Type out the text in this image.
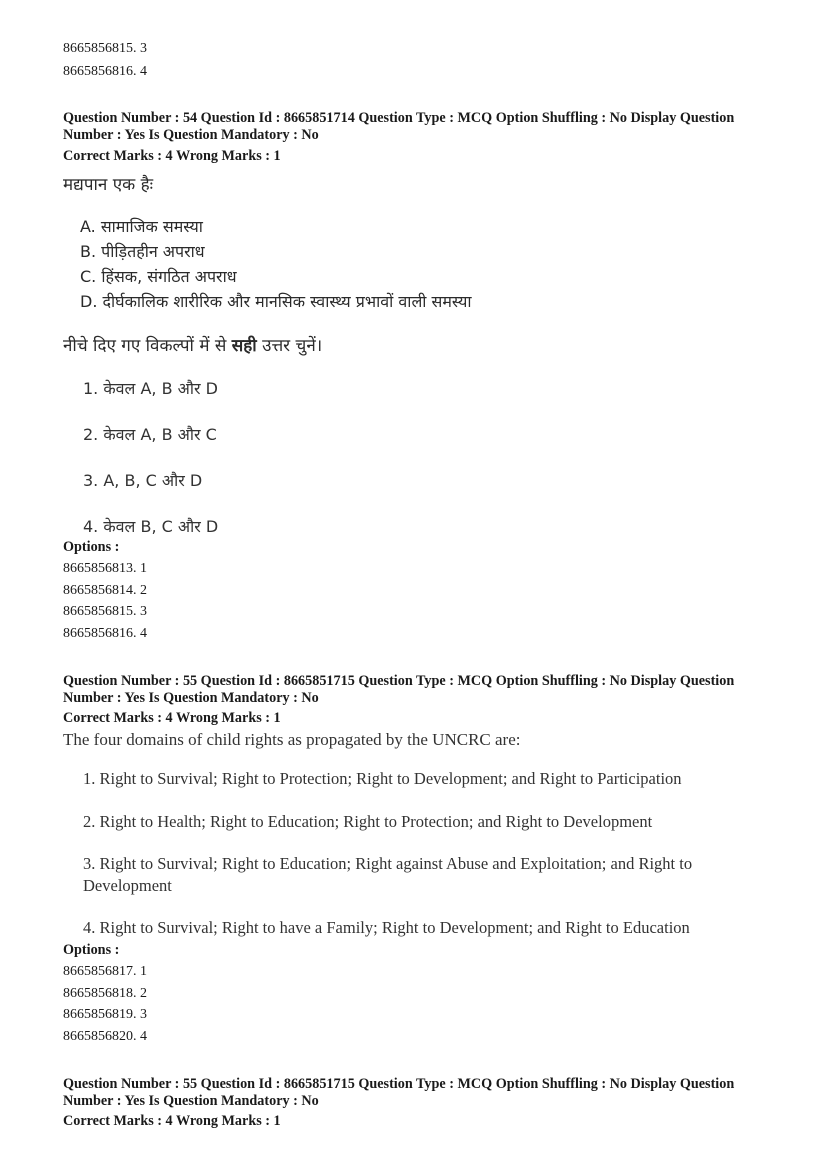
8665856815. 3
8665856816. 4
Question Number : 54 Question Id : 8665851714 Question Type : MCQ Option Shuffling : No Display Question
Number : Yes Is Question Mandatory : No
Correct Marks : 4 Wrong Marks : 1
मद्यपान एक हैः
A. सामाजिक समस्या
B. पीड़ितहीन अपराध
C. हिंसक, संगठित अपराध
D. दीर्घकालिक शारीरिक और मानसिक स्वास्थ्य प्रभावों वाली समस्या
नीचे दिए गए विकल्पों में से सही उत्तर चुनें।
1. केवल A, B और D
2. केवल A, B और C
3. A, B, C और D
4. केवल B, C और D
Options :
8665856813. 1
8665856814. 2
8665856815. 3
8665856816. 4
Question Number : 55 Question Id : 8665851715 Question Type : MCQ Option Shuffling : No Display Question
Number : Yes Is Question Mandatory : No
Correct Marks : 4 Wrong Marks : 1
The four domains of child rights as propagated by the UNCRC are:
1. Right to Survival; Right to Protection; Right to Development; and Right to Participation
2. Right to Health; Right to Education; Right to Protection; and Right to Development
3. Right to Survival; Right to Education; Right against Abuse and Exploitation; and Right to Development
4. Right to Survival; Right to have a Family; Right to Development; and Right to Education
Options :
8665856817. 1
8665856818. 2
8665856819. 3
8665856820. 4
Question Number : 55 Question Id : 8665851715 Question Type : MCQ Option Shuffling : No Display Question
Number : Yes Is Question Mandatory : No
Correct Marks : 4 Wrong Marks : 1
